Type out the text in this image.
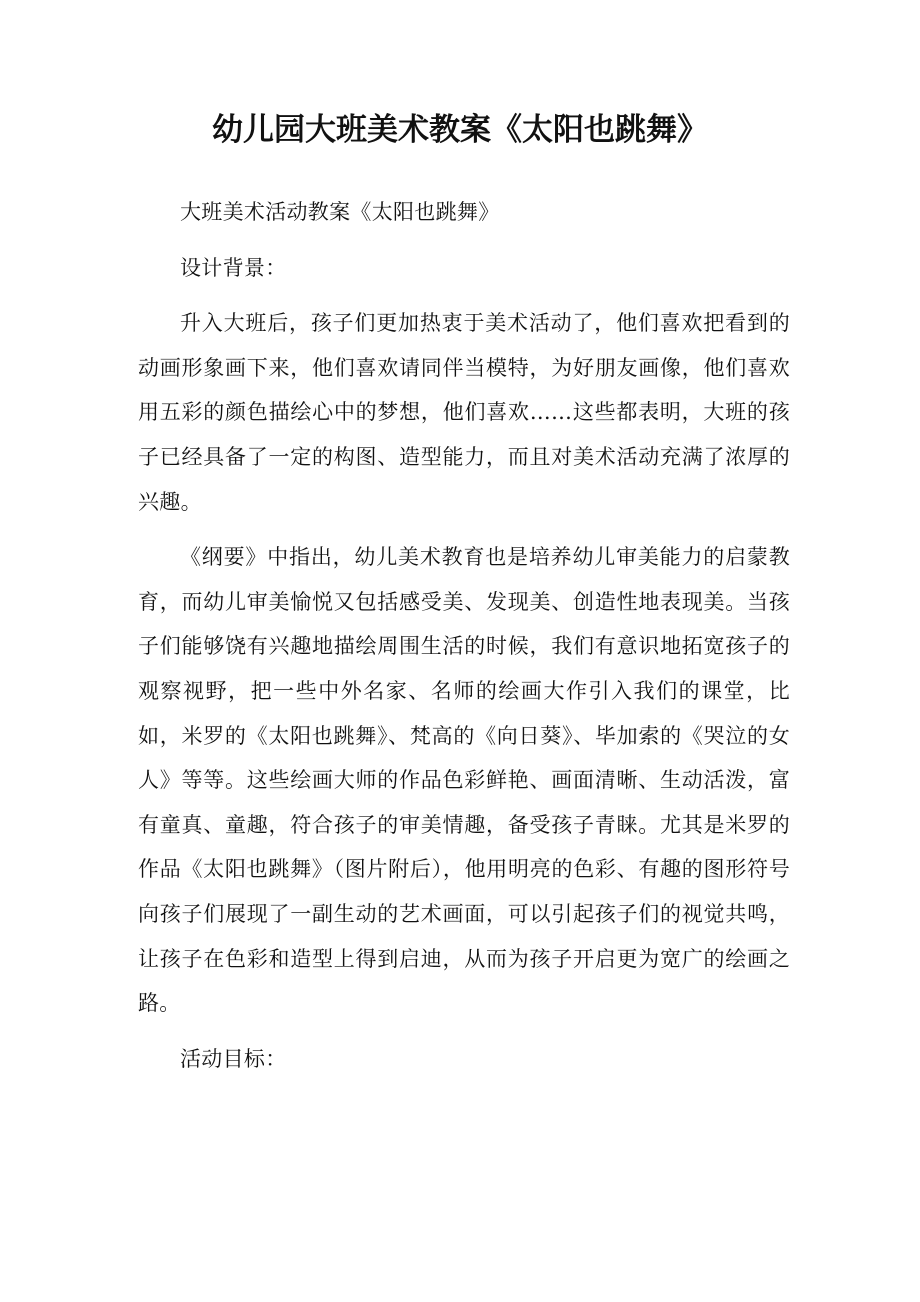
幼儿园大班美术教案《太阳也跳舞》

大班美术活动教案《太阳也跳舞》

设计背景：

升入大班后，孩子们更加热衷于美术活动了，他们喜欢把看到的动画形象画下来，他们喜欢请同伴当模特，为好朋友画像，他们喜欢用五彩的颜色描绘心中的梦想，他们喜欢……这些都表明，大班的孩子已经具备了一定的构图、造型能力，而且对美术活动充满了浓厚的兴趣。

《纲要》中指出，幼儿美术教育也是培养幼儿审美能力的启蒙教育，而幼儿审美愉悦又包括感受美、发现美、创造性地表现美。当孩子们能够饶有兴趣地描绘周围生活的时候，我们有意识地拓宽孩子的观察视野，把一些中外名家、名师的绘画大作引入我们的课堂，比如，米罗的《太阳也跳舞》、梵高的《向日葵》、毕加索的《哭泣的女人》等等。这些绘画大师的作品色彩鲜艳、画面清晰、生动活泼，富有童真、童趣，符合孩子的审美情趣，备受孩子青睐。尤其是米罗的作品《太阳也跳舞》（图片附后），他用明亮的色彩、有趣的图形符号向孩子们展现了一副生动的艺术画面，可以引起孩子们的视觉共鸣，让孩子在色彩和造型上得到启迪，从而为孩子开启更为宽广的绘画之路。

活动目标：
